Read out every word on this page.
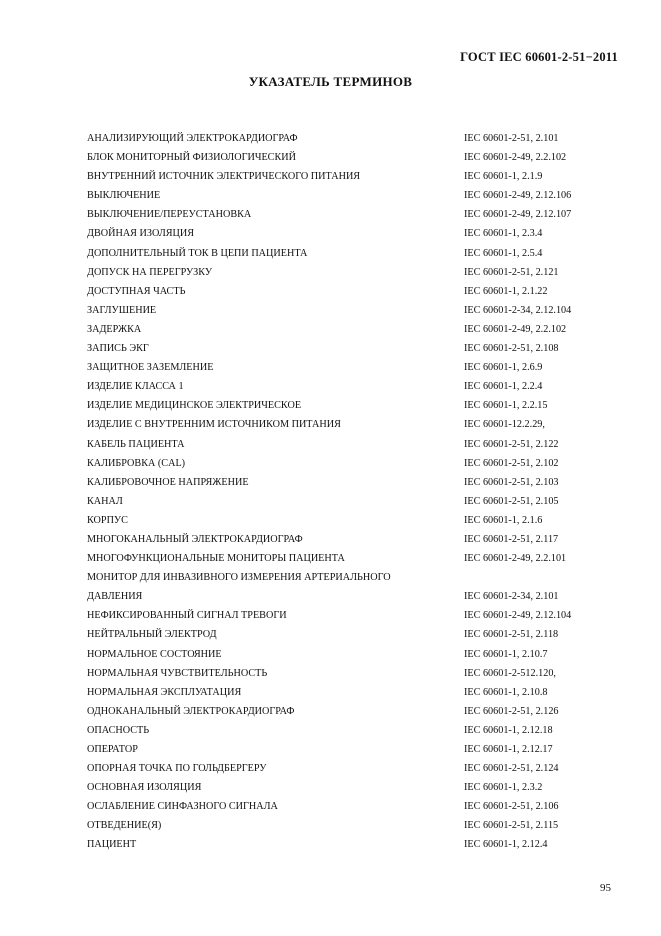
ГОСТ IEC 60601-2-51−2011
УКАЗАТЕЛЬ ТЕРМИНОВ
АНАЛИЗИРУЮЩИЙ ЭЛЕКТРОКАРДИОГРАФ	IEC 60601-2-51, 2.101
БЛОК МОНИТОРНЫЙ ФИЗИОЛОГИЧЕСКИЙ	IEC 60601-2-49, 2.2.102
ВНУТРЕННИЙ ИСТОЧНИК ЭЛЕКТРИЧЕСКОГО ПИТАНИЯ	IEC 60601-1, 2.1.9
ВЫКЛЮЧЕНИЕ	IEC 60601-2-49, 2.12.106
ВЫКЛЮЧЕНИЕ/ПЕРЕУСТАНОВКА	IEC 60601-2-49, 2.12.107
ДВОЙНАЯ ИЗОЛЯЦИЯ	IEC 60601-1, 2.3.4
ДОПОЛНИТЕЛЬНЫЙ ТОК В ЦЕПИ ПАЦИЕНТА	IEC 60601-1, 2.5.4
ДОПУСК НА ПЕРЕГРУЗКУ	IEC 60601-2-51, 2.121
ДОСТУПНАЯ ЧАСТЬ	IEC 60601-1, 2.1.22
ЗАГЛУШЕНИЕ	IEC 60601-2-34, 2.12.104
ЗАДЕРЖКА	IEC 60601-2-49, 2.2.102
ЗАПИСЬ ЭКГ	IEC 60601-2-51, 2.108
ЗАЩИТНОЕ ЗАЗЕМЛЕНИЕ	IEC 60601-1, 2.6.9
ИЗДЕЛИЕ КЛАССА 1	IEC 60601-1, 2.2.4
ИЗДЕЛИЕ МЕДИЦИНСКОЕ ЭЛЕКТРИЧЕСКОЕ	IEC 60601-1, 2.2.15
ИЗДЕЛИЕ С ВНУТРЕННИМ ИСТОЧНИКОМ ПИТАНИЯ	IEC 60601-12.2.29,
КАБЕЛЬ ПАЦИЕНТА	IEC 60601-2-51, 2.122
КАЛИБРОВКА (CAL)	IEC 60601-2-51, 2.102
КАЛИБРОВОЧНОЕ НАПРЯЖЕНИЕ	IEC 60601-2-51, 2.103
КАНАЛ	IEC 60601-2-51, 2.105
КОРПУС	IEC 60601-1, 2.1.6
МНОГОКАНАЛЬНЫЙ ЭЛЕКТРОКАРДИОГРАФ	IEC 60601-2-51, 2.117
МНОГОФУНКЦИОНАЛЬНЫЕ МОНИТОРЫ ПАЦИЕНТА	IEC 60601-2-49, 2.2.101
МОНИТОР ДЛЯ ИНВАЗИВНОГО ИЗМЕРЕНИЯ АРТЕРИАЛЬНОГО
ДАВЛЕНИЯ	IEC 60601-2-34, 2.101
НЕФИКСИРОВАННЫЙ СИГНАЛ ТРЕВОГИ	IEC 60601-2-49, 2.12.104
НЕЙТРАЛЬНЫЙ ЭЛЕКТРОД	IEC 60601-2-51, 2.118
НОРМАЛЬНОЕ СОСТОЯНИЕ	IEC 60601-1, 2.10.7
НОРМАЛЬНАЯ ЧУВСТВИТЕЛЬНОСТЬ	IEC 60601-2-512.120,
НОРМАЛЬНАЯ ЭКСПЛУАТАЦИЯ	IEC 60601-1, 2.10.8
ОДНОКАНАЛЬНЫЙ ЭЛЕКТРОКАРДИОГРАФ	IEC 60601-2-51, 2.126
ОПАСНОСТЬ	IEC 60601-1, 2.12.18
ОПЕРАТОР	IEC 60601-1, 2.12.17
ОПОРНАЯ ТОЧКА ПО ГОЛЬДБЕРГЕРУ	IEC 60601-2-51, 2.124
ОСНОВНАЯ ИЗОЛЯЦИЯ	IEC 60601-1, 2.3.2
ОСЛАБЛЕНИЕ СИНФАЗНОГО СИГНАЛА	IEC 60601-2-51, 2.106
ОТВЕДЕНИЕ(Я)	IEC 60601-2-51, 2.115
ПАЦИЕНТ	IEC 60601-1, 2.12.4
95
